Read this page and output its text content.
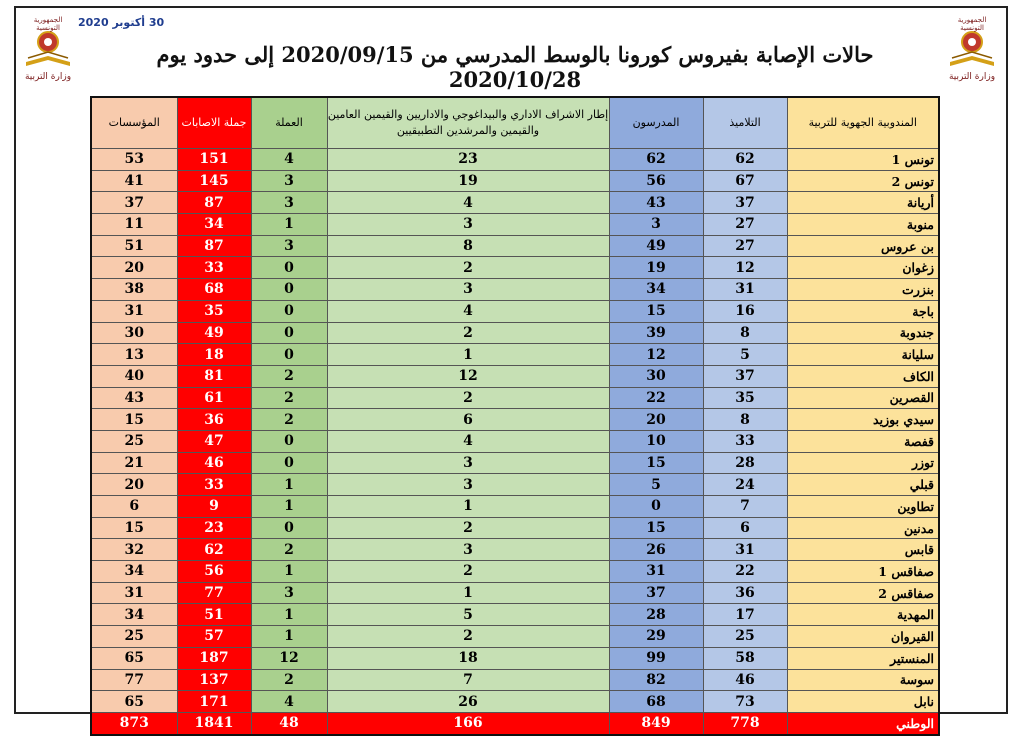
الجمهورية التونسية
وزارة التربية
الجمهورية التونسية
وزارة التربية
30 أكتوبر 2020
حالات الإصابة بفيروس كورونا بالوسط المدرسي من 2020/09/15 إلى حدود يوم 2020/10/28
المندوبية الجهوية للتربية	التلاميذ	المدرسون	إطار الاشراف الاداري والبيداغوجي والاداريين والقيمين العامين والقيمين والمرشدين التطبيقيين	العملة	جملة الاصابات	المؤسسات
تونس 1	62	62	23	4	151	53
تونس 2	67	56	19	3	145	41
أريانة	37	43	4	3	87	37
منوبة	27	3	3	1	34	11
بن عروس	27	49	8	3	87	51
زغوان	12	19	2	0	33	20
بنزرت	31	34	3	0	68	38
باجة	16	15	4	0	35	31
جندوبة	8	39	2	0	49	30
سليانة	5	12	1	0	18	13
الكاف	37	30	12	2	81	40
القصرين	35	22	2	2	61	43
سيدي بوزيد	8	20	6	2	36	15
قفصة	33	10	4	0	47	25
توزر	28	15	3	0	46	21
قبلي	24	5	3	1	33	20
تطاوين	7	0	1	1	9	6
مدنين	6	15	2	0	23	15
قابس	31	26	3	2	62	32
صفاقس 1	22	31	2	1	56	34
صفاقس 2	36	37	1	3	77	31
المهدية	17	28	5	1	51	34
القيروان	25	29	2	1	57	25
المنستير	58	99	18	12	187	65
سوسة	46	82	7	2	137	77
نابل	73	68	26	4	171	65
الوطني	778	849	166	48	1841	873
